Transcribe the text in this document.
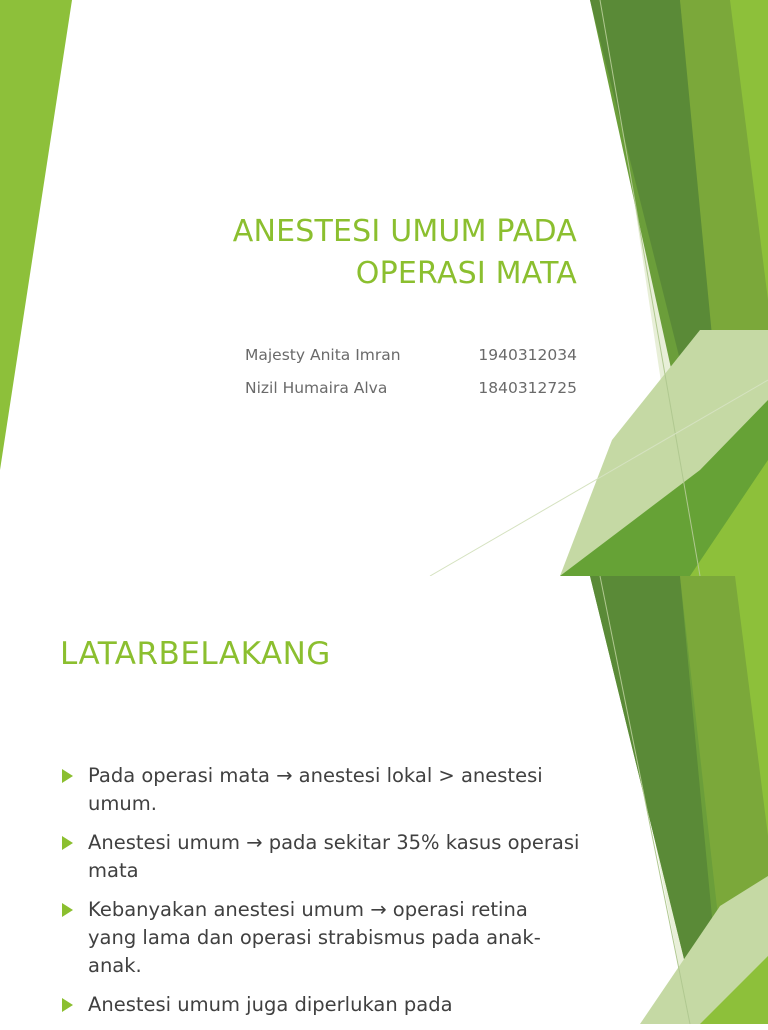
ANESTESI UMUM PADA OPERASI MATA
Majesty Anita Imran	1940312034
Nizil Humaira Alva	1840312725
LATARBELAKANG
Pada operasi mata → anestesi lokal > anestesi umum.
Anestesi umum → pada sekitar 35% kasus operasi mata
Kebanyakan anestesi umum → operasi retina yang lama dan operasi strabismus pada anak-anak.
Anestesi umum juga diperlukan pada
